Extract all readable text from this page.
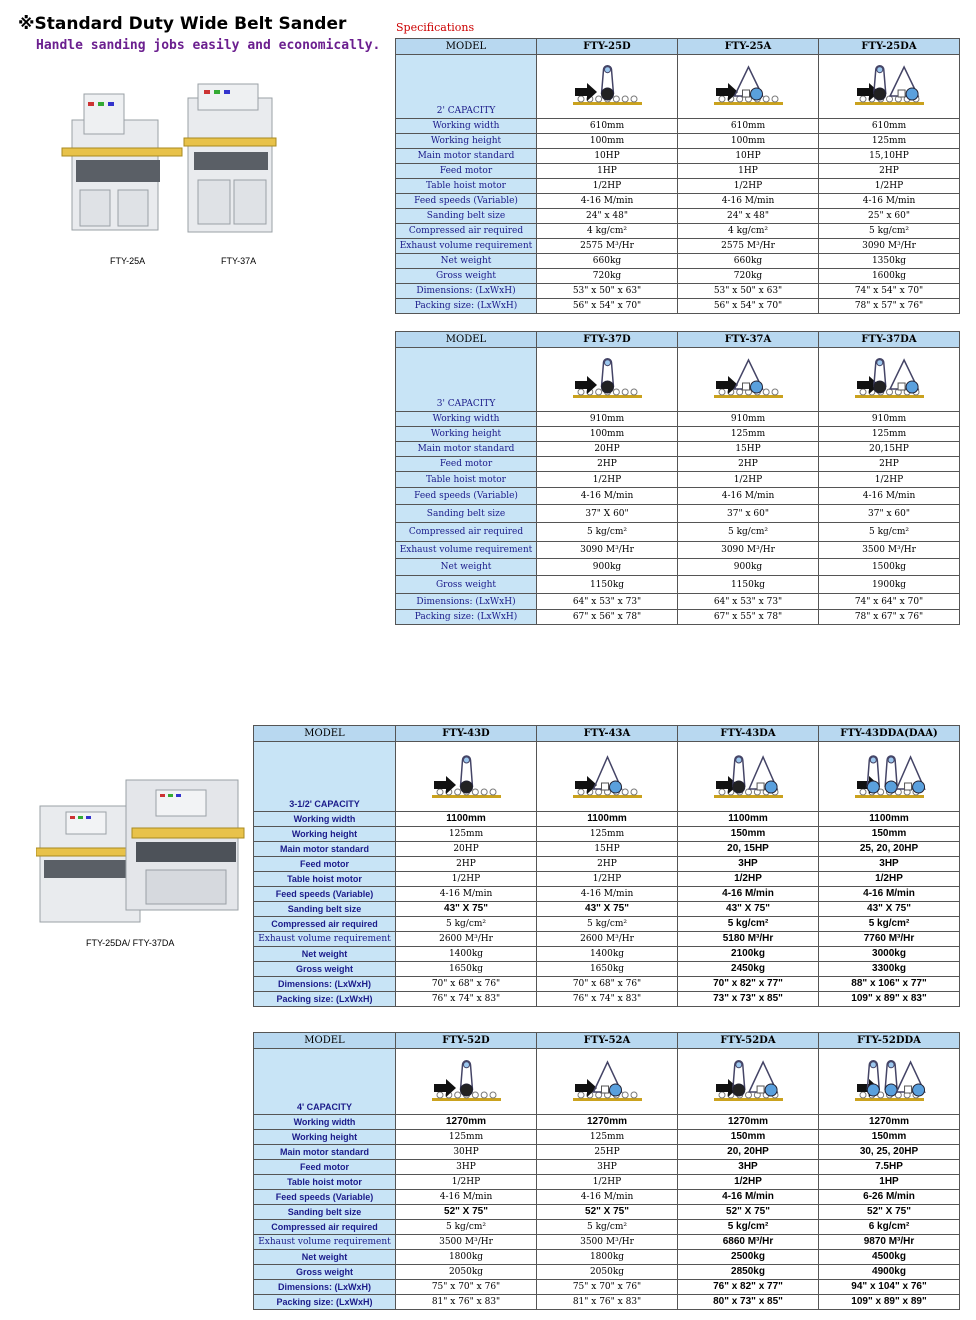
※Standard Duty Wide Belt Sander
Handle sanding jobs easily and economically.
Specifications
FTY-25A	FTY-37A
FTY-25DA/ FTY-37DA
MODEL	FTY-25D	FTY-25A	FTY-25DA
2' CAPACITY	

Working width	610mm	610mm	610mm
Working height	100mm	100mm	125mm
Main motor standard	10HP	10HP	15,10HP
Feed motor	1HP	1HP	2HP
Table hoist motor	1/2HP	1/2HP	1/2HP
Feed speeds (Variable)	4-16 M/min	4-16 M/min	4-16 M/min
Sanding belt size	24" x 48"	24" x 48"	25" x 60"
Compressed air required	4 kg/cm²	4 kg/cm²	5 kg/cm²
Exhaust volume requirement	2575 M³/Hr	2575 M³/Hr	3090 M³/Hr
Net weight	660kg	660kg	1350kg
Gross weight	720kg	720kg	1600kg
Dimensions: (LxWxH)	53" x 50" x 63"	53" x 50" x 63"	74" x 54" x 70"
Packing size: (LxWxH)	56" x 54" x 70"	56" x 54" x 70"	78" x 57" x 76"
MODEL	FTY-37D	FTY-37A	FTY-37DA
3' CAPACITY	

Working width	910mm	910mm	910mm
Working height	100mm	125mm	125mm
Main motor standard	20HP	15HP	20,15HP
Feed motor	2HP	2HP	2HP
Table hoist motor	1/2HP	1/2HP	1/2HP
Feed speeds (Variable)	4-16 M/min	4-16 M/min	4-16 M/min
Sanding belt size	37" X 60"	37" x 60"	37" x 60"
Compressed air required	5 kg/cm²	5 kg/cm²	5 kg/cm²
Exhaust volume requirement	3090 M³/Hr	3090 M³/Hr	3500 M³/Hr
Net weight	900kg	900kg	1500kg
Gross weight	1150kg	1150kg	1900kg
Dimensions: (LxWxH)	64" x 53" x 73"	64" x 53" x 73"	74" x 64" x 70"
Packing size: (LxWxH)	67" x 56" x 78"	67" x 55" x 78"	78" x 67" x 76"
MODEL	FTY-43D	FTY-43A	FTY-43DA	FTY-43DDA(DAA)
3-1/2' CAPACITY	

Working width	1100mm	1100mm	1100mm	1100mm
Working height	125mm	125mm	150mm	150mm
Main motor standard	20HP	15HP	20, 15HP	25, 20, 20HP
Feed motor	2HP	2HP	3HP	3HP
Table hoist motor	1/2HP	1/2HP	1/2HP	1/2HP
Feed speeds (Variable)	4-16 M/min	4-16 M/min	4-16 M/min	4-16 M/min
Sanding belt size	43" X 75"	43" X 75"	43" X 75"	43" X 75"
Compressed air required	5 kg/cm²	5 kg/cm²	5 kg/cm²	5 kg/cm²
Exhaust volume requirement	2600 M³/Hr	2600 M³/Hr	5180 M³/Hr	7760 M³/Hr
Net weight	1400kg	1400kg	2100kg	3000kg
Gross weight	1650kg	1650kg	2450kg	3300kg
Dimensions: (LxWxH)	70" x 68" x 76"	70" x 68" x 76"	70" x 82" x 77"	88" x 106" x 77"
Packing size: (LxWxH)	76" x 74" x 83"	76" x 74" x 83"	73" x 73" x 85"	109" x 89" x 83"
MODEL	FTY-52D	FTY-52A	FTY-52DA	FTY-52DDA
4' CAPACITY	

Working width	1270mm	1270mm	1270mm	1270mm
Working height	125mm	125mm	150mm	150mm
Main motor standard	30HP	25HP	20, 20HP	30, 25, 20HP
Feed motor	3HP	3HP	3HP	7.5HP
Table hoist motor	1/2HP	1/2HP	1/2HP	1HP
Feed speeds (Variable)	4-16 M/min	4-16 M/min	4-16 M/min	6-26 M/min
Sanding belt size	52" X 75"	52" X 75"	52" X 75"	52" X 75"
Compressed air required	5 kg/cm²	5 kg/cm²	5 kg/cm²	6 kg/cm²
Exhaust volume requirement	3500 M³/Hr	3500 M³/Hr	6860 M³/Hr	9870 M³/Hr
Net weight	1800kg	1800kg	2500kg	4500kg
Gross weight	2050kg	2050kg	2850kg	4900kg
Dimensions: (LxWxH)	75" x 70" x 76"	75" x 70" x 76"	76" x 82" x 77"	94" x 104" x 76"
Packing size: (LxWxH)	81" x 76" x 83"	81" x 76" x 83"	80" x 73" x 85"	109" x 89" x 89"
